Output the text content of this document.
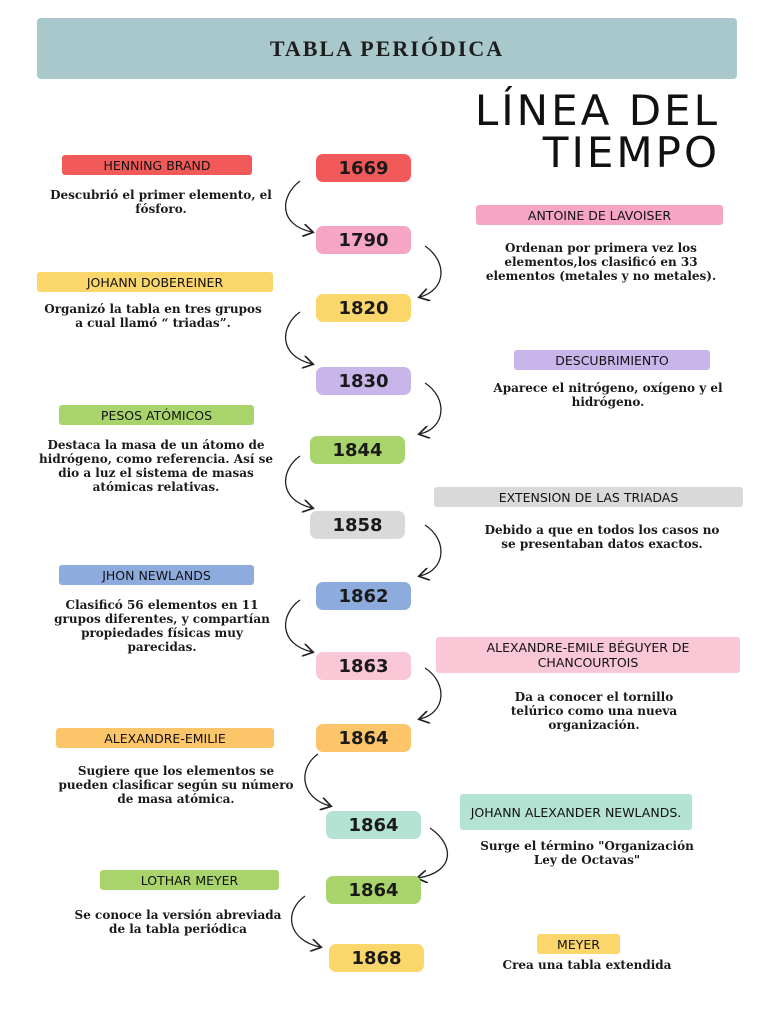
TABLA PERIÓDICA
LÍNEA DEL
TIEMPO
1669
1790
1820
1830
1844
1858
1862
1863
1864
1864
1864
1868
HENNING BRAND
ANTOINE DE LAVOISER
JOHANN DOBEREINER
DESCUBRIMIENTO
PESOS ATÓMICOS
EXTENSION DE LAS TRIADAS
JHON NEWLANDS
ALEXANDRE-EMILE BÉGUYER DE CHANCOURTOIS
ALEXANDRE-EMILIE
JOHANN ALEXANDER NEWLANDS.
LOTHAR MEYER
MEYER
Descubrió el primer elemento, el fósforo.
Ordenan por primera vez los elementos,los clasificó en 33 elementos (metales y no metales).
Organizó la tabla en tres grupos a cual llamó “ triadas”.
Aparece el nitrógeno, oxígeno y el hidrógeno.
Destaca la masa de un átomo de hidrógeno, como referencia. Así se dio a luz el sistema de masas atómicas relativas.
Debido a que en todos los casos no se presentaban datos exactos.
Clasificó 56 elementos en 11 grupos diferentes, y compartían propiedades físicas muy parecidas.
Da a conocer el tornillo telúrico como una nueva organización.
Sugiere que los elementos se pueden clasificar según su número de masa atómica.
Surge el término "Organización Ley de Octavas"
Se conoce la versión abreviada de la tabla periódica
Crea una tabla extendida
